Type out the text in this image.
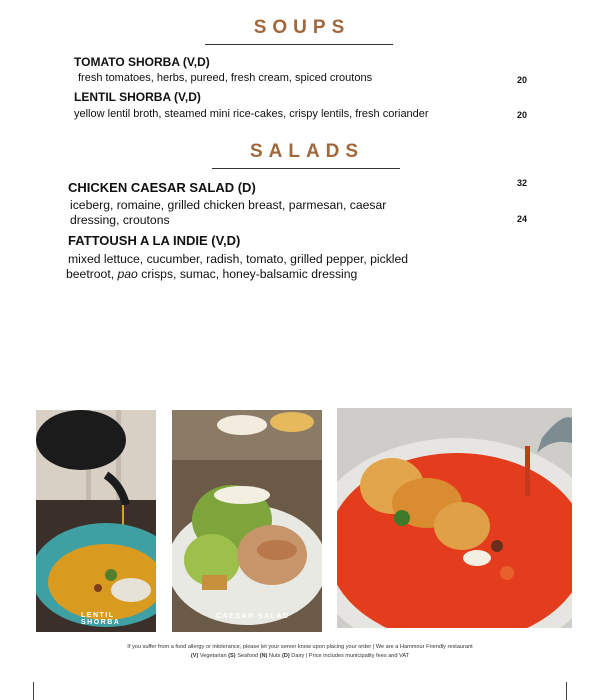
SOUPS
TOMATO SHORBA (V,D)
fresh tomatoes, herbs, pureed, fresh cream, spiced croutons	20
LENTIL SHORBA (V,D)
yellow lentil broth, steamed mini rice-cakes, crispy lentils, fresh coriander	20
SALADS
CHICKEN CAESAR SALAD (D)	32
iceberg, romaine, grilled chicken breast, parmesan, caesar
dressing, croutons	24
FATTOUSH A LA INDIE (V,D)
mixed lettuce, cucumber, radish, tomato, grilled pepper, pickled
beetroot, pao crisps, sumac, honey-balsamic dressing
LENTIL SHORBA
CAESAR SALAD
If you suffer from a food allergy or intolerance, please let your server know upon placing your order | We are a Hammour Friendly restaurant
(V) Vegetarian (S) Seafood (N) Nuts (D) Dairy | Price includes municipality fees and VAT
